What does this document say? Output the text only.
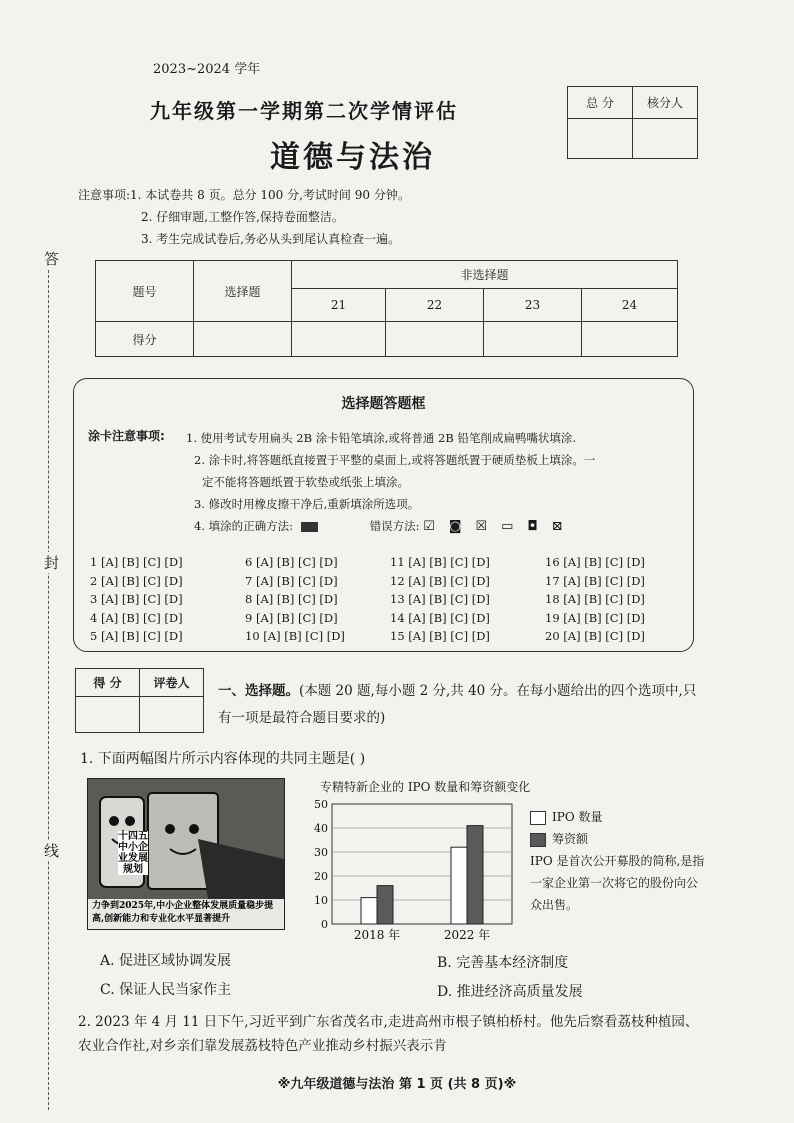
2023~2024 学年
九年级第一学期第二次学情评估
道德与法治
总 分	核分人

注意事项:1. 本试卷共 8 页。总分 100 分,考试时间 90 分钟。
2. 仔细审题,工整作答,保持卷面整洁。
3. 考生完成试卷后,务必从头到尾认真检查一遍。
答
封
线
题号	选择题	非选择题			
		21	22	23	24
得分					
选择题答题框
涂卡注意事项: 1. 使用考试专用扁头 2B 涂卡铅笔填涂,或将普通 2B 铅笔削成扁鸭嘴状填涂.
2. 涂卡时,将答题纸直接置于平整的桌面上,或将答题纸置于硬质垫板上填涂。一
定不能将答题纸置于软垫或纸张上填涂。
3. 修改时用橡皮擦干净后,重新填涂所选项。
4. 填涂的正确方法:	错误方法: ☑◙☒▭◘⊠
1 [A] [B] [C] [D]
2 [A] [B] [C] [D]
3 [A] [B] [C] [D]
4 [A] [B] [C] [D]
5 [A] [B] [C] [D]
6 [A] [B] [C] [D]
7 [A] [B] [C] [D]
8 [A] [B] [C] [D]
9 [A] [B] [C] [D]
10 [A] [B] [C] [D]
11 [A] [B] [C] [D]
12 [A] [B] [C] [D]
13 [A] [B] [C] [D]
14 [A] [B] [C] [D]
15 [A] [B] [C] [D]
16 [A] [B] [C] [D]
17 [A] [B] [C] [D]
18 [A] [B] [C] [D]
19 [A] [B] [C] [D]
20 [A] [B] [C] [D]
得 分	评卷人
	一、选择题。(本题 20 题,每小题 2 分,共 40 分。在每小题给出的四个选项中,只有一项是最符合题目要求的)
1. 下面两幅图片所示内容体现的共同主题是( )
十四五中小企业发展规划
力争到2025年,中小企业整体发展质量稳步提高,创新能力和专业化水平显著提升
专精特新企业的 IPO 数量和筹资额变化
0
10
20
30
40
50
2018 年	2022 年
IPO 数量
筹资额
IPO 是首次公开募股的简称,是指一家企业第一次将它的股份向公众出售。
A. 促进区域协调发展	B. 完善基本经济制度
C. 保证人民当家作主	D. 推进经济高质量发展
2. 2023 年 4 月 11 日下午,习近平到广东省茂名市,走进高州市根子镇柏桥村。他先后察看荔枝种植园、农业合作社,对乡亲们靠发展荔枝特色产业推动乡村振兴表示肯
※九年级道德与法治 第 1 页 (共 8 页)※
